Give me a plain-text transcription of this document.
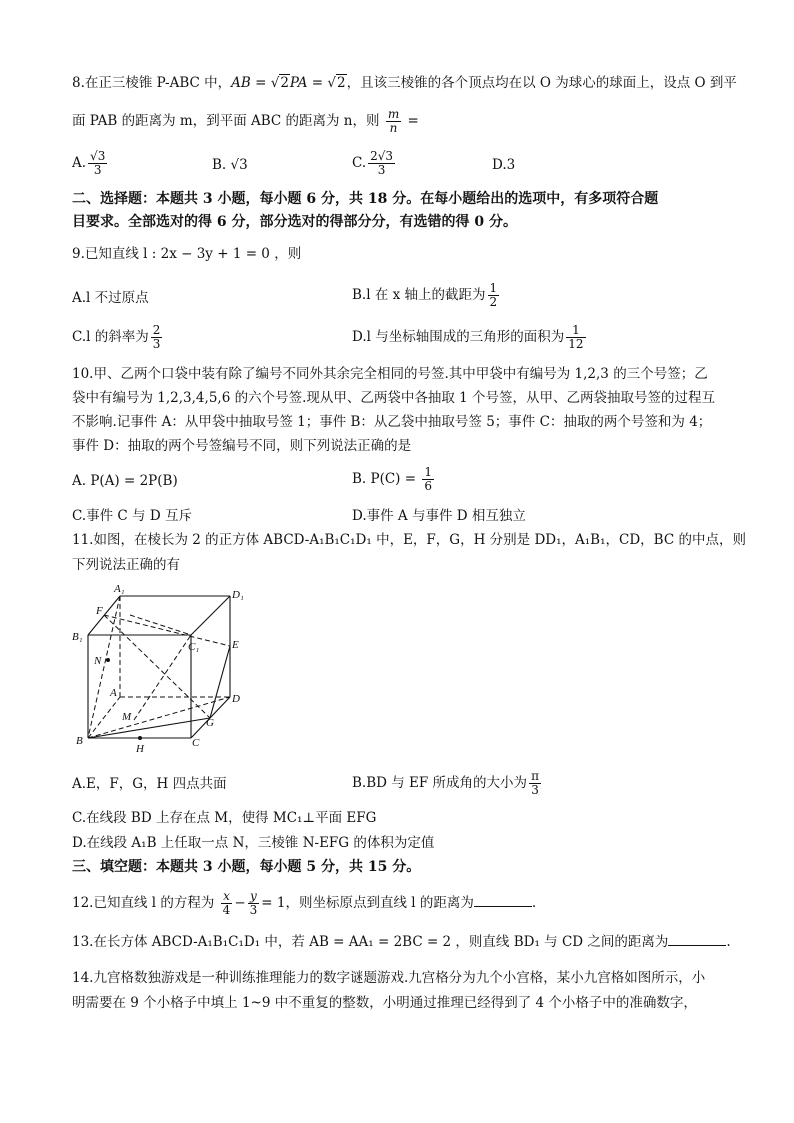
8.在正三棱锥 P-ABC 中，AB = √2PA = √2，且该三棱锥的各个顶点均在以 O 为球心的球面上，设点 O 到平
面 PAB 的距离为 m，到平面 ABC 的距离为 n，则 $\frac{m}{n}$ =
A. $\frac{√3}{3}$	B. √3	C. $\frac{2√3}{3}$	D.3
二、选择题：本题共 3 小题，每小题 6 分，共 18 分。在每小题给出的选项中，有多项符合题
目要求。全部选对的得 6 分，部分选对的得部分分，有选错的得 0 分。
9.已知直线 l : 2x − 3y + 1 = 0 ，则
A.l 不过原点	B.l 在 x 轴上的截距为 $\frac{1}{2}$
C.l 的斜率为 $\frac{2}{3}$	D.l 与坐标轴围成的三角形的面积为 $\frac{1}{12}$
10.甲、乙两个口袋中装有除了编号不同外其余完全相同的号签.其中甲袋中有编号为 1,2,3 的三个号签；乙
袋中有编号为 1,2,3,4,5,6 的六个号签.现从甲、乙两袋中各抽取 1 个号签，从甲、乙两袋抽取号签的过程互
不影响.记事件 A：从甲袋中抽取号签 1；事件 B：从乙袋中抽取号签 5；事件 C：抽取的两个号签和为 4；
事件 D：抽取的两个号签编号不同，则下列说法正确的是
A. P(A) = 2P(B)	B. $P(C) = \frac{1}{6}$
C.事件 C 与 D 互斥	D.事件 A 与事件 D 相互独立
11.如图，在棱长为 2 的正方体 ABCD-A₁B₁C₁D₁ 中，E，F，G，H 分别是 DD₁，A₁B₁，CD，BC 的中点，则
下列说法正确的有
A₁	D₁
F
B₁
C₁	E
N
A	D
M	G
B	C
H
A.E，F，G，H 四点共面	B.BD 与 EF 所成角的大小为 $\frac{\pi}{3}$
C.在线段 BD 上存在点 M，使得 MC₁⊥平面 EFG
D.在线段 A₁B 上任取一点 N，三棱锥 N-EFG 的体积为定值
三、填空题：本题共 3 小题，每小题 5 分，共 15 分。
12.已知直线 l 的方程为 $\frac{x}{4} - \frac{y}{3} = 1$，则坐标原点到直线 l 的距离为	.
13.在长方体 ABCD-A₁B₁C₁D₁ 中，若 AB = AA₁ = 2BC = 2 ，则直线 BD₁ 与 CD 之间的距离为	.
14.九宫格数独游戏是一种训练推理能力的数字谜题游戏.九宫格分为九个小宫格，某小九宫格如图所示，小
明需要在 9 个小格子中填上 1~9 中不重复的整数，小明通过推理已经得到了 4 个小格子中的准确数字，
